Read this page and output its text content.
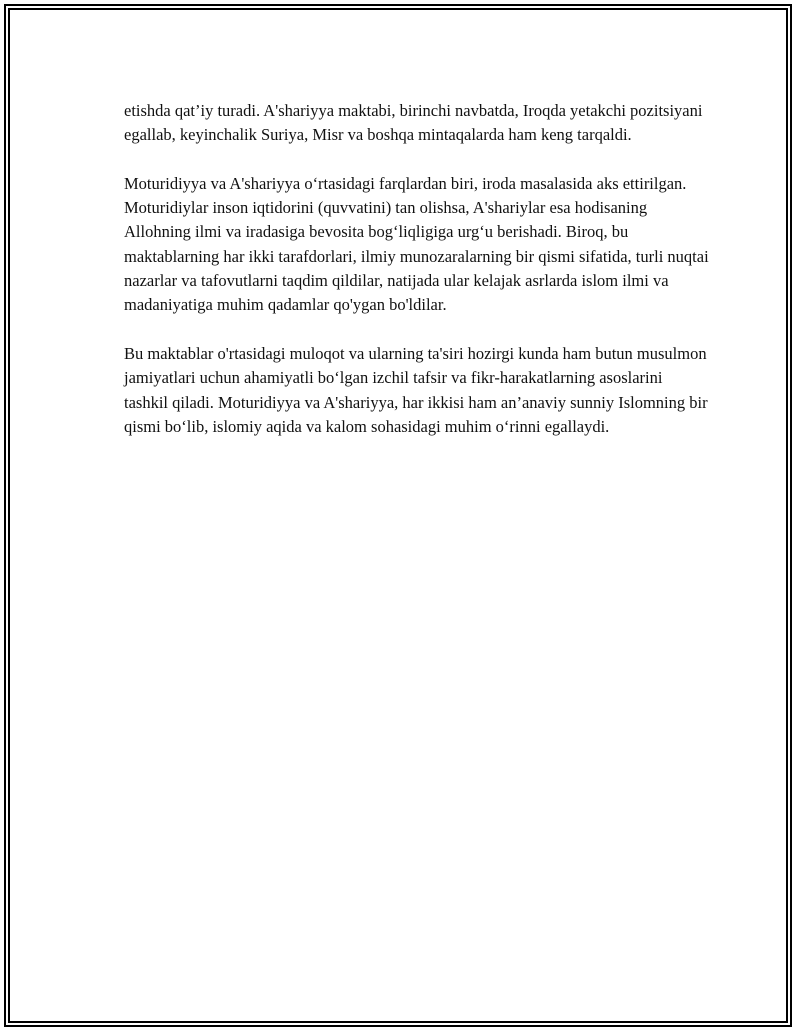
etishda qat’iy turadi. A'shariyya maktabi, birinchi navbatda, Iroqda yetakchi pozitsiyani egallab, keyinchalik Suriya, Misr va boshqa mintaqalarda ham keng tarqaldi.

Moturidiyya va A'shariyya o‘rtasidagi farqlardan biri, iroda masalasida aks ettirilgan. Moturidiylar inson iqtidorini (quvvatini) tan olishsa, A'shariylar esa hodisaning Allohning ilmi va iradasiga bevosita bog‘liqligiga urg‘u berishadi. Biroq, bu maktablarning har ikki tarafdorlari, ilmiy munozaralarning bir qismi sifatida, turli nuqtai nazarlar va tafovutlarni taqdim qildilar, natijada ular kelajak asrlarda islom ilmi va madaniyatiga muhim qadamlar qo'ygan bo'ldilar.

Bu maktablar o'rtasidagi muloqot va ularning ta'siri hozirgi kunda ham butun musulmon jamiyatlari uchun ahamiyatli bo‘lgan izchil tafsir va fikr-harakatlarning asoslarini tashkil qiladi. Moturidiyya va A'shariyya, har ikkisi ham an’anaviy sunniy Islomning bir qismi bo‘lib, islomiy aqida va kalom sohasidagi muhim o‘rinni egallaydi.
